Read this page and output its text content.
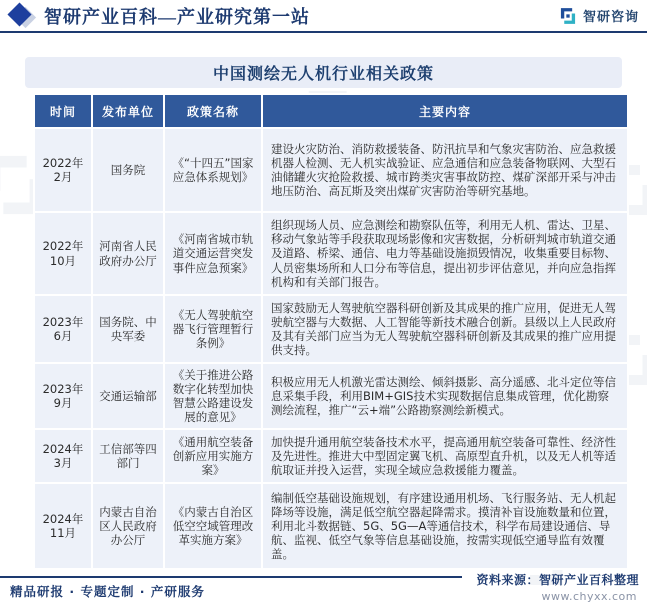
智研产业百科—产业研究第一站	智研咨询
中国测绘无人机行业相关政策
时间	发布单位	政策名称	主要内容
2022年2月	国务院	《“十四五”国家应急体系规划》	建设火灾防治、消防救援装备、防汛抗旱和气象灾害防治、应急救援机器人检测、无人机实战验证、应急通信和应急装备物联网、大型石油储罐火灾抢险救援、城市跨类灾害事故防控、煤矿深部开采与冲击地压防治、高瓦斯及突出煤矿灾害防治等研究基地。
2022年10月	河南省人民政府办公厅	《河南省城市轨道交通运营突发事件应急预案》	组织现场人员、应急测绘和勘察队伍等，利用无人机、雷达、卫星、移动气象站等手段获取现场影像和灾害数据，分析研判城市轨道交通及道路、桥梁、通信、电力等基础设施损毁情况，收集重要目标物、人员密集场所和人口分布等信息，提出初步评估意见，并向应急指挥机构和有关部门报告。
2023年6月	国务院、中央军委	《无人驾驶航空器飞行管理暂行条例》	国家鼓励无人驾驶航空器科研创新及其成果的推广应用，促进无人驾驶航空器与大数据、人工智能等新技术融合创新。县级以上人民政府及其有关部门应当为无人驾驶航空器科研创新及其成果的推广应用提供支持。
2023年9月	交通运输部	《关于推进公路数字化转型加快智慧公路建设发展的意见》	积极应用无人机激光雷达测绘、倾斜摄影、高分遥感、北斗定位等信息采集手段，利用BIM+GIS技术实现数据信息集成管理，优化勘察测绘流程，推广“云+端”公路勘察测绘新模式。
2024年3月	工信部等四部门	《通用航空装备创新应用实施方案》	加快提升通用航空装备技术水平，提高通用航空装备可靠性、经济性及先进性。推进大中型固定翼飞机、高原型直升机，以及无人机等适航取证并投入运营，实现全域应急救援能力覆盖。
2024年11月	内蒙古自治区人民政府办公厅	《内蒙古自治区低空空域管理改革实施方案》	编制低空基础设施规划，有序建设通用机场、飞行服务站、无人机起降场等设施，满足低空航空器起降需求。摸清补盲设施数量和位置，利用北斗数据链、5G、5G—A等通信技术，科学布局建设通信、导航、监视、低空气象等信息基础设施，按需实现低空通导监有效覆盖。
资料来源：智研产业百科整理
www.chyxx.com
精品研报 · 专题定制 · 产研服务
